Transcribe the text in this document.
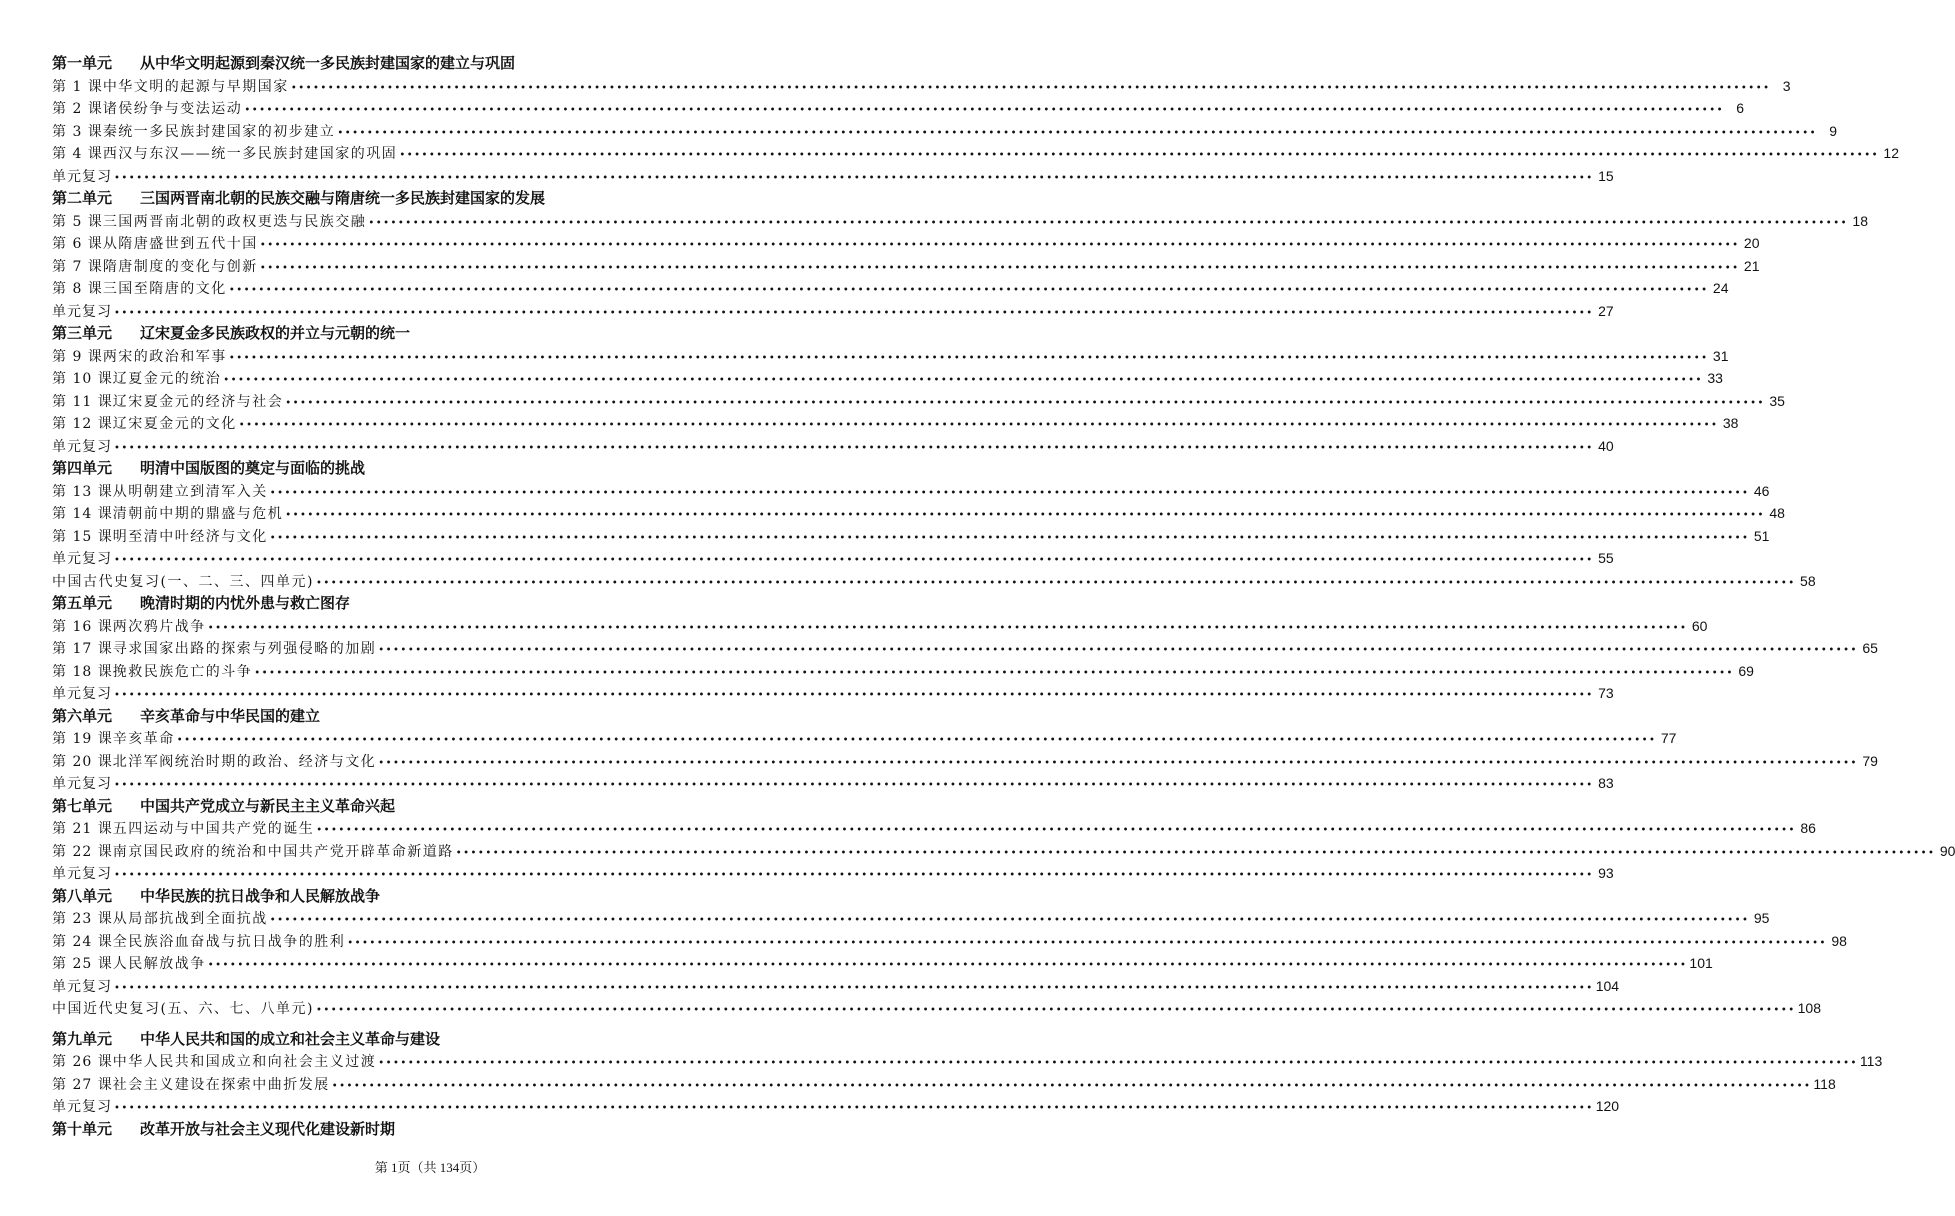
第一单元 从中华文明起源到秦汉统一多民族封建国家的建立与巩固
第 1 课 中华文明的起源与早期国家 •••••••••••••••••••••••••••••••••••••••••••••••••••••••••••••••••••••••••••••••••••••••••••••••••••••••••••••••••••••••••••••••••••••••••••••••••••••••••••••••••••••••••••••••••••••••••••••••••••••••• 3
第 2 课 诸侯纷争与变法运动 •••••••••••••••••••••••••••••••••••••••••••••••••••••••••••••••••••••••••••••••••••••••••••••••••••••••••••••••••••••••••••••••••••••••••••••••••••••••••••••••••••••••••••••••••••••••••••••••••••••••• 6
第 3 课 秦统一多民族封建国家的初步建立 •••••••••••••••••••••••••••••••••••••••••••••••••••••••••••••••••••••••••••••••••••••••••••••••••••••••••••••••••••••••••••••••••••••••••••••••••••••••••••••••••••••••••••••••••••••••••••••••••••••••• 9
第 4 课 西汉与东汉——统一多民族封建国家的巩固 •••••••••••••••••••••••••••••••••••••••••••••••••••••••••••••••••••••••••••••••••••••••••••••••••••••••••••••••••••••••••••••••••••••••••••••••••••••••••••••••••••••••••••••••••••••••••••••••••••••••• 12
单元复习 •••••••••••••••••••••••••••••••••••••••••••••••••••••••••••••••••••••••••••••••••••••••••••••••••••••••••••••••••••••••••••••••••••••••••••••••••••••••••••••••••••••••••••••••••••••••••••••••••••••••• 15
第二单元 三国两晋南北朝的民族交融与隋唐统一多民族封建国家的发展
第 5 课 三国两晋南北朝的政权更迭与民族交融 •••••••••••••••••••••••••••••••••••••••••••••••••••••••••••••••••••••••••••••••••••••••••••••••••••••••••••••••••••••••••••••••••••••••••••••••••••••••••••••••••••••••••••••••••••••••••••••••••••••••• 18
第 6 课 从隋唐盛世到五代十国 •••••••••••••••••••••••••••••••••••••••••••••••••••••••••••••••••••••••••••••••••••••••••••••••••••••••••••••••••••••••••••••••••••••••••••••••••••••••••••••••••••••••••••••••••••••••••••••••••••••••• 20
第 7 课 隋唐制度的变化与创新 •••••••••••••••••••••••••••••••••••••••••••••••••••••••••••••••••••••••••••••••••••••••••••••••••••••••••••••••••••••••••••••••••••••••••••••••••••••••••••••••••••••••••••••••••••••••••••••••••••••••• 21
第 8 课 三国至隋唐的文化 •••••••••••••••••••••••••••••••••••••••••••••••••••••••••••••••••••••••••••••••••••••••••••••••••••••••••••••••••••••••••••••••••••••••••••••••••••••••••••••••••••••••••••••••••••••••••••••••••••••••• 24
单元复习 •••••••••••••••••••••••••••••••••••••••••••••••••••••••••••••••••••••••••••••••••••••••••••••••••••••••••••••••••••••••••••••••••••••••••••••••••••••••••••••••••••••••••••••••••••••••••••••••••••••••• 27
第三单元 辽宋夏金多民族政权的并立与元朝的统一
第 9 课 两宋的政治和军事 •••••••••••••••••••••••••••••••••••••••••••••••••••••••••••••••••••••••••••••••••••••••••••••••••••••••••••••••••••••••••••••••••••••••••••••••••••••••••••••••••••••••••••••••••••••••••••••••••••••••• 31
第 10 课 辽夏金元的统治 •••••••••••••••••••••••••••••••••••••••••••••••••••••••••••••••••••••••••••••••••••••••••••••••••••••••••••••••••••••••••••••••••••••••••••••••••••••••••••••••••••••••••••••••••••••••••••••••••••••••• 33
第 11 课 辽宋夏金元的经济与社会 •••••••••••••••••••••••••••••••••••••••••••••••••••••••••••••••••••••••••••••••••••••••••••••••••••••••••••••••••••••••••••••••••••••••••••••••••••••••••••••••••••••••••••••••••••••••••••••••••••••••• 35
第 12 课 辽宋夏金元的文化 •••••••••••••••••••••••••••••••••••••••••••••••••••••••••••••••••••••••••••••••••••••••••••••••••••••••••••••••••••••••••••••••••••••••••••••••••••••••••••••••••••••••••••••••••••••••••••••••••••••••• 38
单元复习 •••••••••••••••••••••••••••••••••••••••••••••••••••••••••••••••••••••••••••••••••••••••••••••••••••••••••••••••••••••••••••••••••••••••••••••••••••••••••••••••••••••••••••••••••••••••••••••••••••••••• 40
第四单元 明清中国版图的奠定与面临的挑战
第 13 课 从明朝建立到清军入关 •••••••••••••••••••••••••••••••••••••••••••••••••••••••••••••••••••••••••••••••••••••••••••••••••••••••••••••••••••••••••••••••••••••••••••••••••••••••••••••••••••••••••••••••••••••••••••••••••••••••• 46
第 14 课 清朝前中期的鼎盛与危机 •••••••••••••••••••••••••••••••••••••••••••••••••••••••••••••••••••••••••••••••••••••••••••••••••••••••••••••••••••••••••••••••••••••••••••••••••••••••••••••••••••••••••••••••••••••••••••••••••••••••• 48
第 15 课 明至清中叶经济与文化 •••••••••••••••••••••••••••••••••••••••••••••••••••••••••••••••••••••••••••••••••••••••••••••••••••••••••••••••••••••••••••••••••••••••••••••••••••••••••••••••••••••••••••••••••••••••••••••••••••••••• 51
单元复习 •••••••••••••••••••••••••••••••••••••••••••••••••••••••••••••••••••••••••••••••••••••••••••••••••••••••••••••••••••••••••••••••••••••••••••••••••••••••••••••••••••••••••••••••••••••••••••••••••••••••• 55
中国古代史复习(一、二、三、四单元) •••••••••••••••••••••••••••••••••••••••••••••••••••••••••••••••••••••••••••••••••••••••••••••••••••••••••••••••••••••••••••••••••••••••••••••••••••••••••••••••••••••••••••••••••••••••••••••••••••••••• 58
第五单元 晚清时期的内忧外患与救亡图存
第 16 课 两次鸦片战争 •••••••••••••••••••••••••••••••••••••••••••••••••••••••••••••••••••••••••••••••••••••••••••••••••••••••••••••••••••••••••••••••••••••••••••••••••••••••••••••••••••••••••••••••••••••••••••••••••••••••• 60
第 17 课 寻求国家出路的探索与列强侵略的加剧 •••••••••••••••••••••••••••••••••••••••••••••••••••••••••••••••••••••••••••••••••••••••••••••••••••••••••••••••••••••••••••••••••••••••••••••••••••••••••••••••••••••••••••••••••••••••••••••••••••••••• 65
第 18 课 挽救民族危亡的斗争 •••••••••••••••••••••••••••••••••••••••••••••••••••••••••••••••••••••••••••••••••••••••••••••••••••••••••••••••••••••••••••••••••••••••••••••••••••••••••••••••••••••••••••••••••••••••••••••••••••••••• 69
单元复习 •••••••••••••••••••••••••••••••••••••••••••••••••••••••••••••••••••••••••••••••••••••••••••••••••••••••••••••••••••••••••••••••••••••••••••••••••••••••••••••••••••••••••••••••••••••••••••••••••••••••• 73
第六单元 辛亥革命与中华民国的建立
第 19 课 辛亥革命 •••••••••••••••••••••••••••••••••••••••••••••••••••••••••••••••••••••••••••••••••••••••••••••••••••••••••••••••••••••••••••••••••••••••••••••••••••••••••••••••••••••••••••••••••••••••••••••••••••••••• 77
第 20 课 北洋军阀统治时期的政治、经济与文化 •••••••••••••••••••••••••••••••••••••••••••••••••••••••••••••••••••••••••••••••••••••••••••••••••••••••••••••••••••••••••••••••••••••••••••••••••••••••••••••••••••••••••••••••••••••••••••••••••••••••• 79
单元复习 •••••••••••••••••••••••••••••••••••••••••••••••••••••••••••••••••••••••••••••••••••••••••••••••••••••••••••••••••••••••••••••••••••••••••••••••••••••••••••••••••••••••••••••••••••••••••••••••••••••••• 83
第七单元 中国共产党成立与新民主主义革命兴起
第 21 课 五四运动与中国共产党的诞生 •••••••••••••••••••••••••••••••••••••••••••••••••••••••••••••••••••••••••••••••••••••••••••••••••••••••••••••••••••••••••••••••••••••••••••••••••••••••••••••••••••••••••••••••••••••••••••••••••••••••• 86
第 22 课 南京国民政府的统治和中国共产党开辟革命新道路 •••••••••••••••••••••••••••••••••••••••••••••••••••••••••••••••••••••••••••••••••••••••••••••••••••••••••••••••••••••••••••••••••••••••••••••••••••••••••••••••••••••••••••••••••••••••••••••••••••••••• 90
单元复习 •••••••••••••••••••••••••••••••••••••••••••••••••••••••••••••••••••••••••••••••••••••••••••••••••••••••••••••••••••••••••••••••••••••••••••••••••••••••••••••••••••••••••••••••••••••••••••••••••••••••• 93
第八单元 中华民族的抗日战争和人民解放战争
第 23 课 从局部抗战到全面抗战 •••••••••••••••••••••••••••••••••••••••••••••••••••••••••••••••••••••••••••••••••••••••••••••••••••••••••••••••••••••••••••••••••••••••••••••••••••••••••••••••••••••••••••••••••••••••••••••••••••••••• 95
第 24 课 全民族浴血奋战与抗日战争的胜利 •••••••••••••••••••••••••••••••••••••••••••••••••••••••••••••••••••••••••••••••••••••••••••••••••••••••••••••••••••••••••••••••••••••••••••••••••••••••••••••••••••••••••••••••••••••••••••••••••••••••• 98
第 25 课 人民解放战争 •••••••••••••••••••••••••••••••••••••••••••••••••••••••••••••••••••••••••••••••••••••••••••••••••••••••••••••••••••••••••••••••••••••••••••••••••••••••••••••••••••••••••••••••••••••••••••••••••••••••• 101
单元复习 •••••••••••••••••••••••••••••••••••••••••••••••••••••••••••••••••••••••••••••••••••••••••••••••••••••••••••••••••••••••••••••••••••••••••••••••••••••••••••••••••••••••••••••••••••••••••••••••••••••••• 104
中国近代史复习(五、六、七、八单元) •••••••••••••••••••••••••••••••••••••••••••••••••••••••••••••••••••••••••••••••••••••••••••••••••••••••••••••••••••••••••••••••••••••••••••••••••••••••••••••••••••••••••••••••••••••••••••••••••••••••• 108
第九单元 中华人民共和国的成立和社会主义革命与建设
第 26 课 中华人民共和国成立和向社会主义过渡 •••••••••••••••••••••••••••••••••••••••••••••••••••••••••••••••••••••••••••••••••••••••••••••••••••••••••••••••••••••••••••••••••••••••••••••••••••••••••••••••••••••••••••••••••••••••••••••••••••••••• 113
第 27 课 社会主义建设在探索中曲折发展 •••••••••••••••••••••••••••••••••••••••••••••••••••••••••••••••••••••••••••••••••••••••••••••••••••••••••••••••••••••••••••••••••••••••••••••••••••••••••••••••••••••••••••••••••••••••••••••••••••••••• 118
单元复习 •••••••••••••••••••••••••••••••••••••••••••••••••••••••••••••••••••••••••••••••••••••••••••••••••••••••••••••••••••••••••••••••••••••••••••••••••••••••••••••••••••••••••••••••••••••••••••••••••••••••• 120
第十单元 改革开放与社会主义现代化建设新时期
第 1页（共 134页）
